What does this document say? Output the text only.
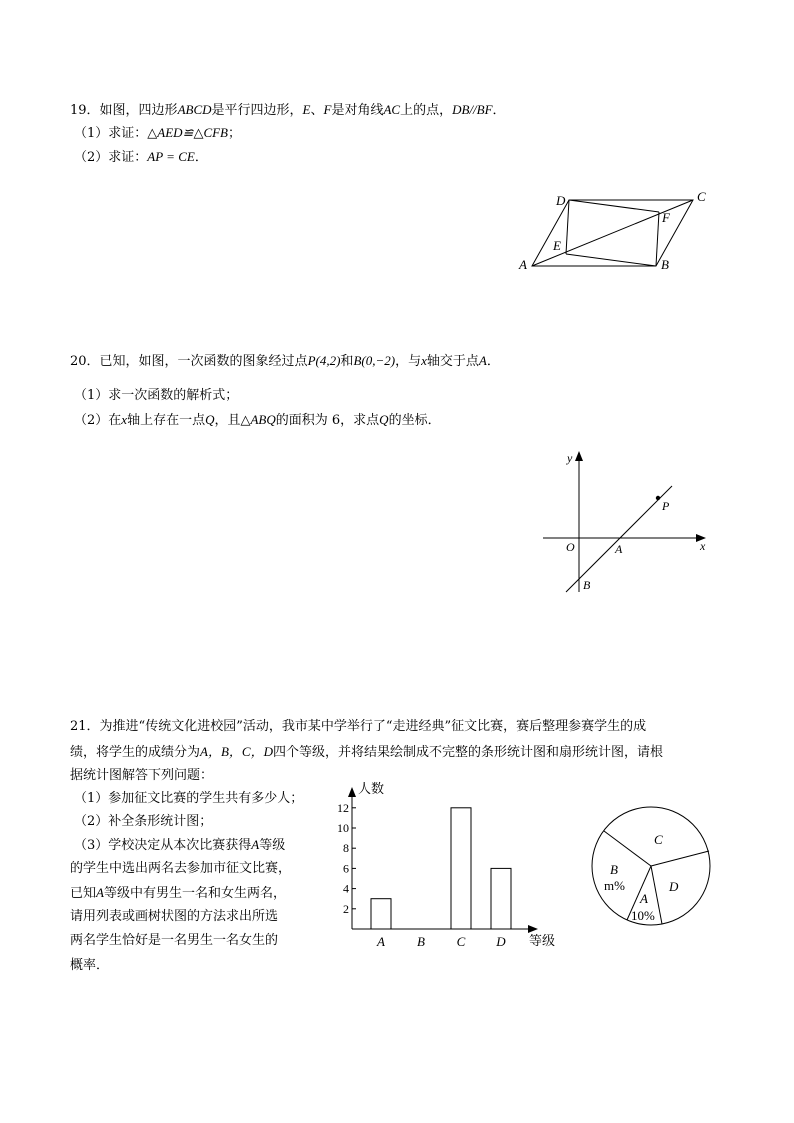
19．如图，四边形ABCD是平行四边形，E、F是对角线AC上的点，DB//BF．
（1）求证：△AED≌△CFB；
（2）求证：AP = CE．
A	B
C
D
E
F
20．已知，如图，一次函数的图象经过点P(4,2)和B(0,−2)，与x轴交于点A．
（1）求一次函数的解析式；
（2）在x轴上存在一点Q，且△ABQ的面积为 6，求点Q的坐标．
y
x
O	A
B
P
21．为推进“传统文化进校园”活动，我市某中学举行了“走进经典”征文比赛，赛后整理参赛学生的成
绩，将学生的成绩分为A，B，C，D四个等级，并将结果绘制成不完整的条形统计图和扇形统计图，请根
据统计图解答下列问题：
（1）参加征文比赛的学生共有多少人；
（2）补全条形统计图；
（3）学校决定从本次比赛获得A等级
的学生中选出两名去参加市征文比赛，
已知A等级中有男生一名和女生两名，
请用列表或画树状图的方法求出所选
两名学生恰好是一名男生一名女生的
概率．
人数
等级
2
4
6
8
10
12
A B C D
C
D
A
10%
B
m%
